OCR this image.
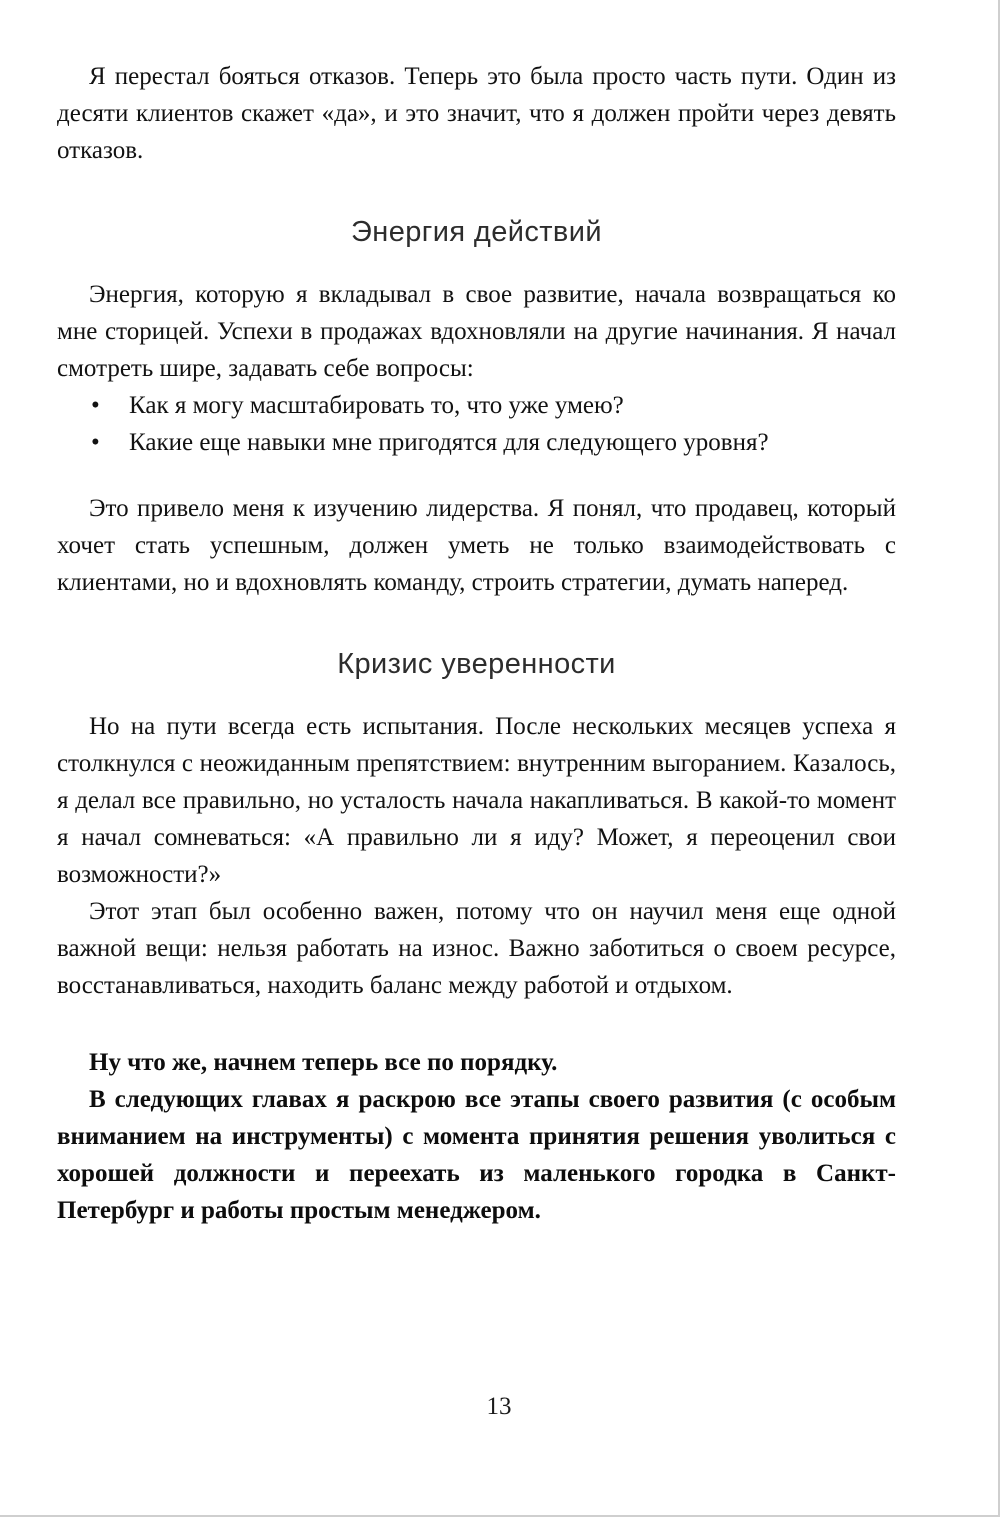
Я перестал бояться отказов. Теперь это была просто часть пути. Один из десяти клиентов скажет «да», и это значит, что я должен пройти через девять отказов.

Энергия действий

Энергия, которую я вкладывал в свое развитие, начала возвращаться ко мне сторицей. Успехи в продажах вдохновляли на другие начинания. Я начал смотреть шире, задавать себе вопросы:

•	Как я могу масштабировать то, что уже умею?
•	Какие еще навыки мне пригодятся для следующего уровня?

Это привело меня к изучению лидерства. Я понял, что продавец, который хочет стать успешным, должен уметь не только взаимодействовать с клиентами, но и вдохновлять команду, строить стратегии, думать наперед.

Кризис уверенности

Но на пути всегда есть испытания. После нескольких месяцев успеха я столкнулся с неожиданным препятствием: внутренним выгоранием. Казалось, я делал все правильно, но усталость начала накапливаться. В какой-то момент я начал сомневаться: «А правильно ли я иду? Может, я переоценил свои возможности?»

Этот этап был особенно важен, потому что он научил меня еще одной важной вещи: нельзя работать на износ. Важно заботиться о своем ресурсе, восстанавливаться, находить баланс между работой и отдыхом.

Ну что же, начнем теперь все по порядку.

В следующих главах я раскрою все этапы своего развития (с особым вниманием на инструменты) с момента принятия решения уволиться с хорошей должности и переехать из маленького городка в Санкт-Петербург и работы простым менеджером.

13
